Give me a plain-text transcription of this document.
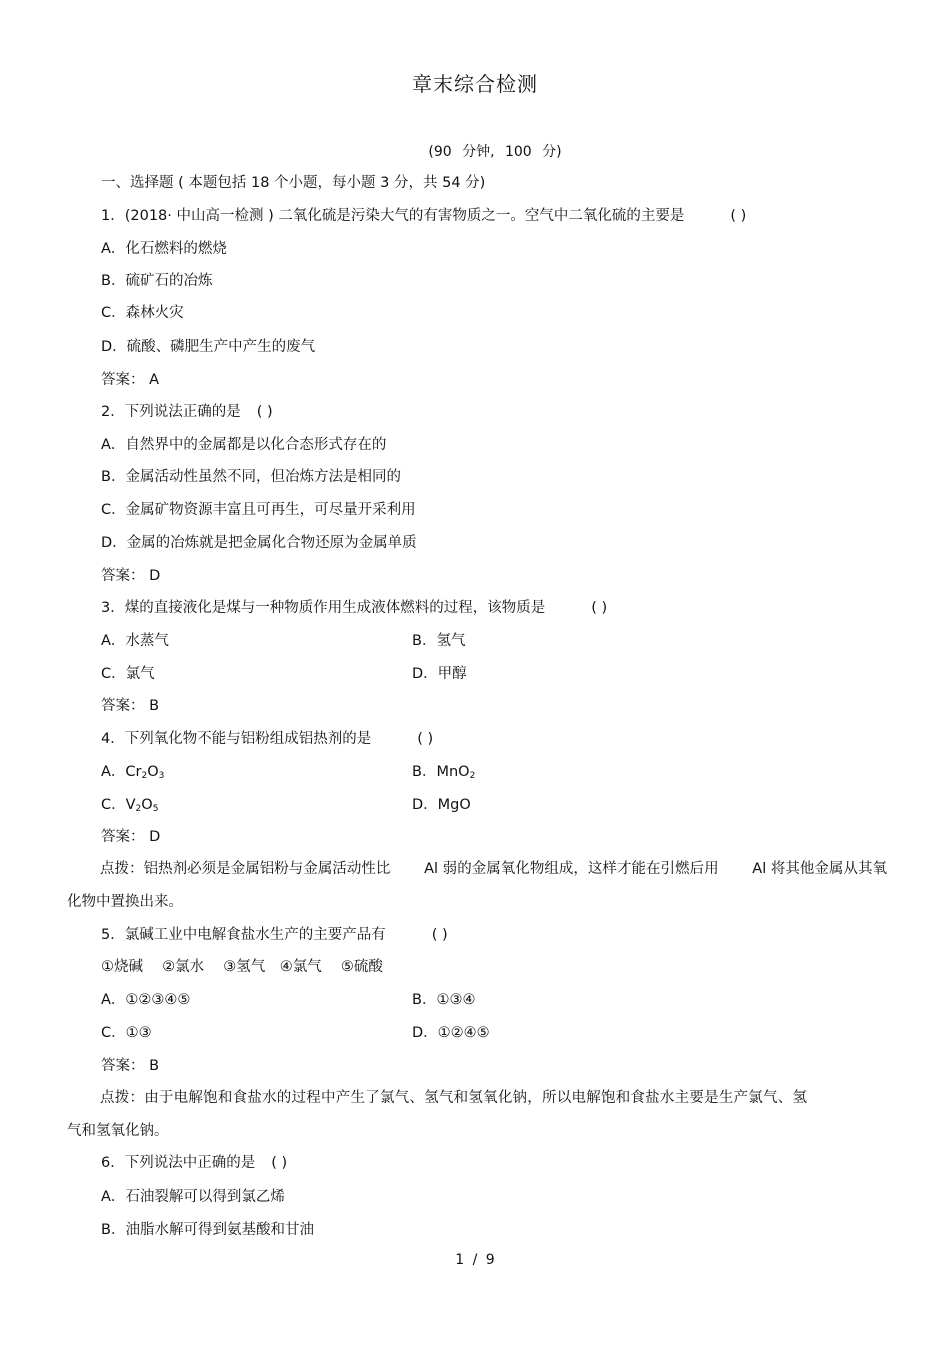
章末综合检测
(90 分钟, 100 分)
一、选择题 ( 本题包括 18 个小题，每小题 3 分，共 54 分)
1．(2018· 中山高一检测 ) 二氧化硫是污染大气的有害物质之一。空气中二氧化硫的主要是	( )
A．化石燃料的燃烧
B．硫矿石的冶炼
C．森林火灾
D．硫酸、磷肥生产中产生的废气
答案： A
2．下列说法正确的是 ( )
A．自然界中的金属都是以化合态形式存在的
B．金属活动性虽然不同，但冶炼方法是相同的
C．金属矿物资源丰富且可再生，可尽量开采利用
D．金属的冶炼就是把金属化合物还原为金属单质
答案： D
3．煤的直接液化是煤与一种物质作用生成液体燃料的过程，该物质是	( )
A．水蒸气	B．氢气
C．氯气	D．甲醇
答案： B
4．下列氧化物不能与铝粉组成铝热剂的是	( )
A．$Cr_2O_3$	B．MnO$_2$
C．$V_2O_5$	D．MgO
答案： D
点拨：铝热剂必须是金属铝粉与金属活动性比　　 Al 弱的金属氧化物组成，这样才能在引燃后用　　 Al 将其他金属从其氧化物中置换出来。
5．氯碱工业中电解食盐水生产的主要产品有	( )
①烧碱　 ②氯水　 ③氢气　④氯气　 ⑤硫酸
A．①②③④⑤	B．①③④
C．①③	D．①②④⑤
答案： B
点拨：由于电解饱和食盐水的过程中产生了氯气、氢气和氢氧化钠，所以电解饱和食盐水主要是生产氯气、氢气和氢氧化钠。
6．下列说法中正确的是 ( )
A．石油裂解可以得到氯乙烯
B．油脂水解可得到氨基酸和甘油
1 / 9
